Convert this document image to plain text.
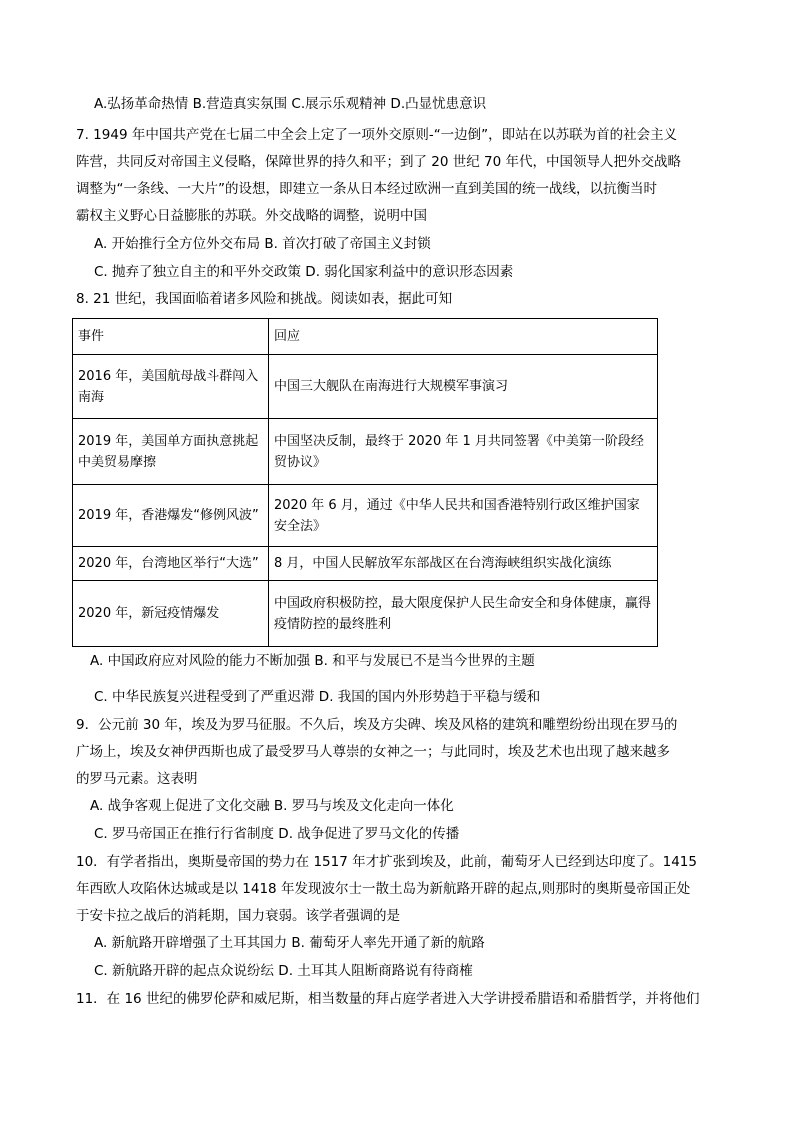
A.弘扬革命热情 B.营造真实氛围 C.展示乐观精神 D.凸显忧患意识
7. 1949 年中国共产党在七届二中全会上定了一项外交原则-“一边倒”，即站在以苏联为首的社会主义
阵营，共同反对帝国主义侵略，保障世界的持久和平；到了 20 世纪 70 年代，中国领导人把外交战略
调整为“一条线、一大片”的设想，即建立一条从日本经过欧洲一直到美国的统一战线，以抗衡当时
霸权主义野心日益膨胀的苏联。外交战略的调整，说明中国
A. 开始推行全方位外交布局 B. 首次打破了帝国主义封锁
C. 抛弃了独立自主的和平外交政策 D. 弱化国家利益中的意识形态因素
8. 21 世纪，我国面临着诸多风险和挑战。阅读如表，据此可知
事件	回应
2016 年，美国航母战斗群闯入南海	中国三大舰队在南海进行大规模军事演习
2019 年，美国单方面执意挑起中美贸易摩擦	中国坚决反制，最终于 2020 年 1 月共同签署《中美第一阶段经贸协议》
2019 年，香港爆发“修例风波”	2020 年 6 月，通过《中华人民共和国香港特别行政区维护国家安全法》
2020 年，台湾地区举行“大选”	8 月，中国人民解放军东部战区在台湾海峡组织实战化演练
2020 年，新冠疫情爆发	中国政府积极防控，最大限度保护人民生命安全和身体健康，赢得疫情防控的最终胜利
A. 中国政府应对风险的能力不断加强 B. 和平与发展已不是当今世界的主题
C. 中华民族复兴进程受到了严重迟滞 D. 我国的国内外形势趋于平稳与缓和
9．公元前 30 年，埃及为罗马征服。不久后，埃及方尖碑、埃及风格的建筑和雕塑纷纷出现在罗马的
广场上，埃及女神伊西斯也成了最受罗马人尊崇的女神之一；与此同时，埃及艺术也出现了越来越多
的罗马元素。这表明
A. 战争客观上促进了文化交融 B. 罗马与埃及文化走向一体化
C. 罗马帝国正在推行行省制度 D. 战争促进了罗马文化的传播
10．有学者指出，奥斯曼帝国的势力在 1517 年才扩张到埃及，此前，葡萄牙人已经到达印度了。1415
年西欧人攻陷休达城或是以 1418 年发现波尔士一散土岛为新航路开辟的起点,则那时的奥斯曼帝国正处
于安卡拉之战后的消耗期，国力衰弱。该学者强调的是
A. 新航路开辟增强了土耳其国力 B. 葡萄牙人率先开通了新的航路
C. 新航路开辟的起点众说纷纭 D. 土耳其人阻断商路说有待商榷
11．在 16 世纪的佛罗伦萨和威尼斯，相当数量的拜占庭学者进入大学讲授希腊语和希腊哲学，并将他们
